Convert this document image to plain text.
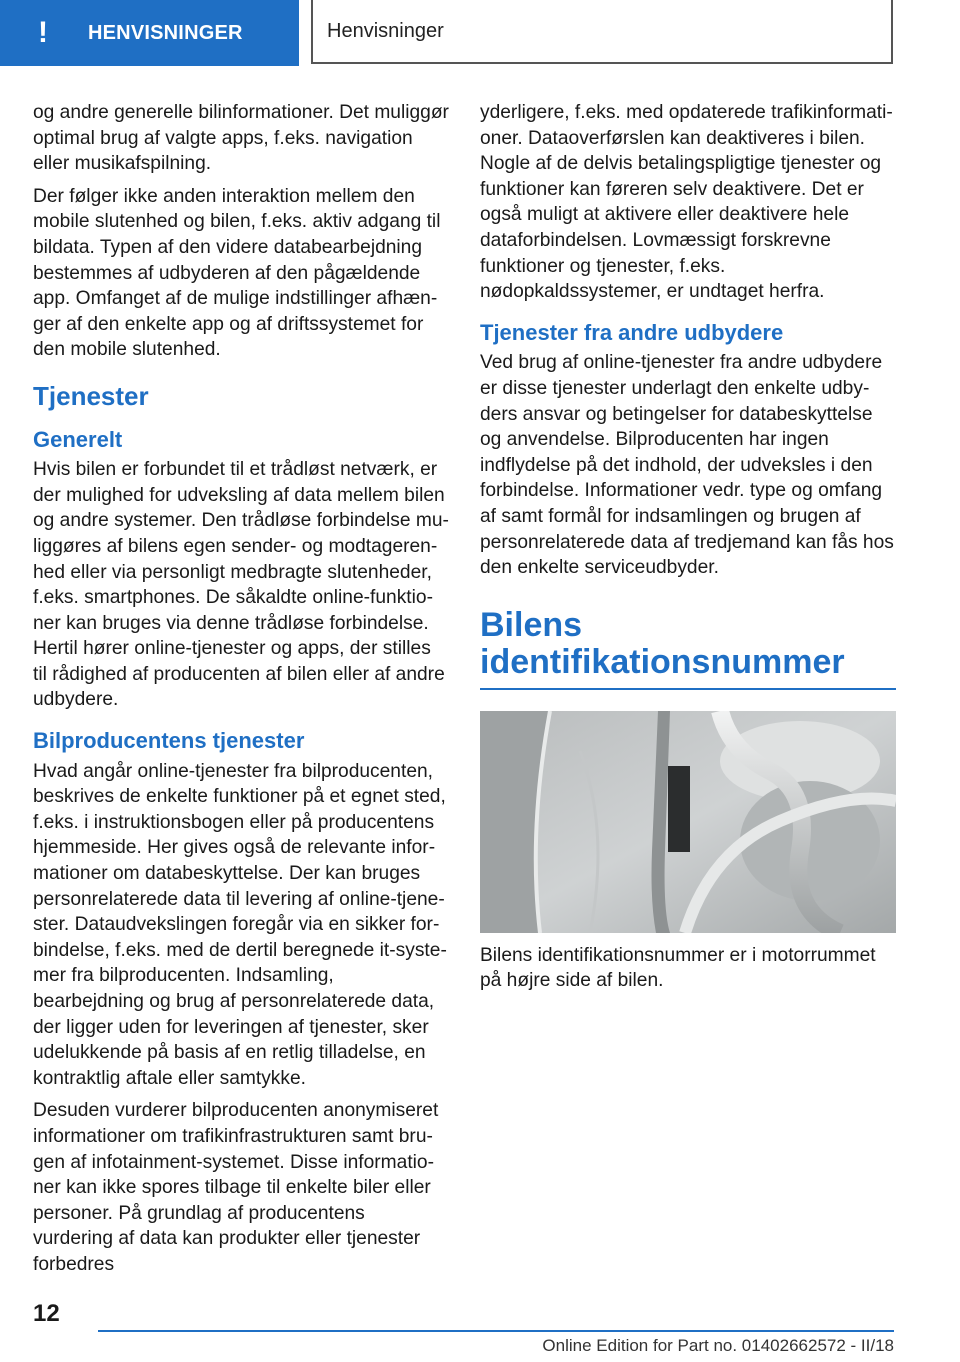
!	HENVISNINGER	Henvisninger

og andre generelle bilinformationer. Det muliggør optimal brug af valgte apps, f.eks. navigation eller musikafspilning.

Der følger ikke anden interaktion mellem den mobile slutenhed og bilen, f.eks. aktiv adgang til bildata. Typen af den videre databearbejdning bestemmes af udbyderen af den pågældende app. Omfanget af de mulige indstillinger afhænger af den enkelte app og af driftssystemet for den mobile slutenhed.

Tjenester
Generelt

Hvis bilen er forbundet til et trådløst netværk, er der mulighed for udveksling af data mellem bilen og andre systemer. Den trådløse forbindelse muliggøres af bilens egen sender- og modtagerenhed eller via personligt medbragte slutenheder, f.eks. smartphones. De såkaldte online-funktioner kan bruges via denne trådløse forbindelse. Hertil hører online-tjenester og apps, der stilles til rådighed af producenten af bilen eller af andre udbydere.

Bilproducentens tjenester

Hvad angår online-tjenester fra bilproducenten, beskrives de enkelte funktioner på et egnet sted, f.eks. i instruktionsbogen eller på producentens hjemmeside. Her gives også de relevante informationer om databeskyttelse. Der kan bruges personrelaterede data til levering af online-tjenester. Dataudvekslingen foregår via en sikker forbindelse, f.eks. med de dertil beregnede it-systemer fra bilproducenten. Indsamling, bearbejdning og brug af personrelaterede data, der ligger uden for leveringen af tjenester, sker udelukkende på basis af en retlig tilladelse, en kontraktlig aftale eller samtykke.

Desuden vurderer bilproducenten anonymiseret informationer om trafikinfrastrukturen samt brugen af infotainment-systemet. Disse informationer kan ikke spores tilbage til enkelte biler eller personer. På grundlag af producentens vurdering af data kan produkter eller tjenester forbedres

yderligere, f.eks. med opdaterede trafikinformationer. Dataoverførslen kan deaktiveres i bilen. Nogle af de delvis betalingspligtige tjenester og funktioner kan føreren selv deaktivere. Det er også muligt at aktivere eller deaktivere hele dataforbindelsen. Lovmæssigt forskrevne funktioner og tjenester, f.eks. nødopkaldssystemer, er undtaget herfra.

Tjenester fra andre udbydere

Ved brug af online-tjenester fra andre udbydere er disse tjenester underlagt den enkelte udbyders ansvar og betingelser for databeskyttelse og anvendelse. Bilproducenten har ingen indflydelse på det indhold, der udveksles i den forbindelse. Informationer vedr. type og omfang af samt formål for indsamlingen og brugen af personrelaterede data af tredjemand kan fås hos den enkelte serviceudbyder.

Bilens identifikationsnummer

Bilens identifikationsnummer er i motorrummet på højre side af bilen.

12
Online Edition for Part no. 01402662572 - II/18
